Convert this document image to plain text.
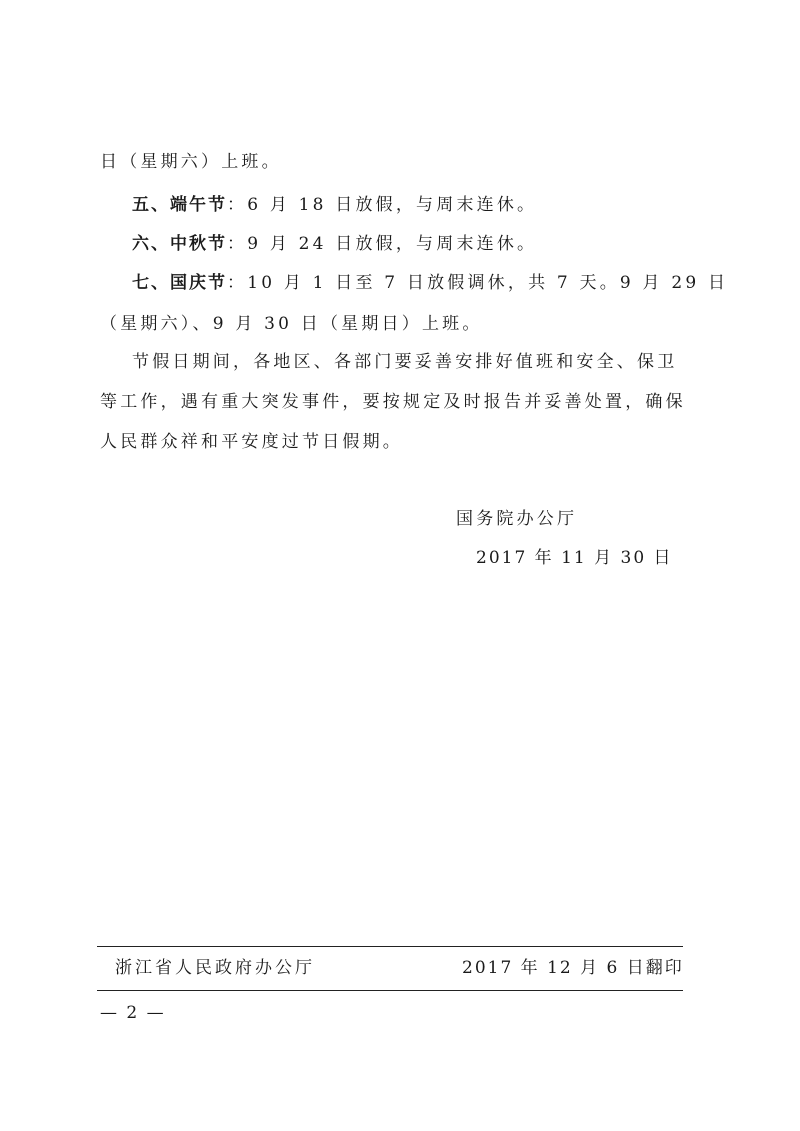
日（星期六）上班。
五、端午节：6 月 18 日放假，与周末连休。
六、中秋节：9 月 24 日放假，与周末连休。
七、国庆节：10 月 1 日至 7 日放假调休，共 7 天。9 月 29 日
（星期六）、9 月 30 日（星期日）上班。
节假日期间，各地区、各部门要妥善安排好值班和安全、保卫
等工作，遇有重大突发事件，要按规定及时报告并妥善处置，确保
人民群众祥和平安度过节日假期。
国务院办公厅
2017 年 11 月 30 日
浙江省人民政府办公厅	2017 年 12 月 6 日翻印
— 2 —
